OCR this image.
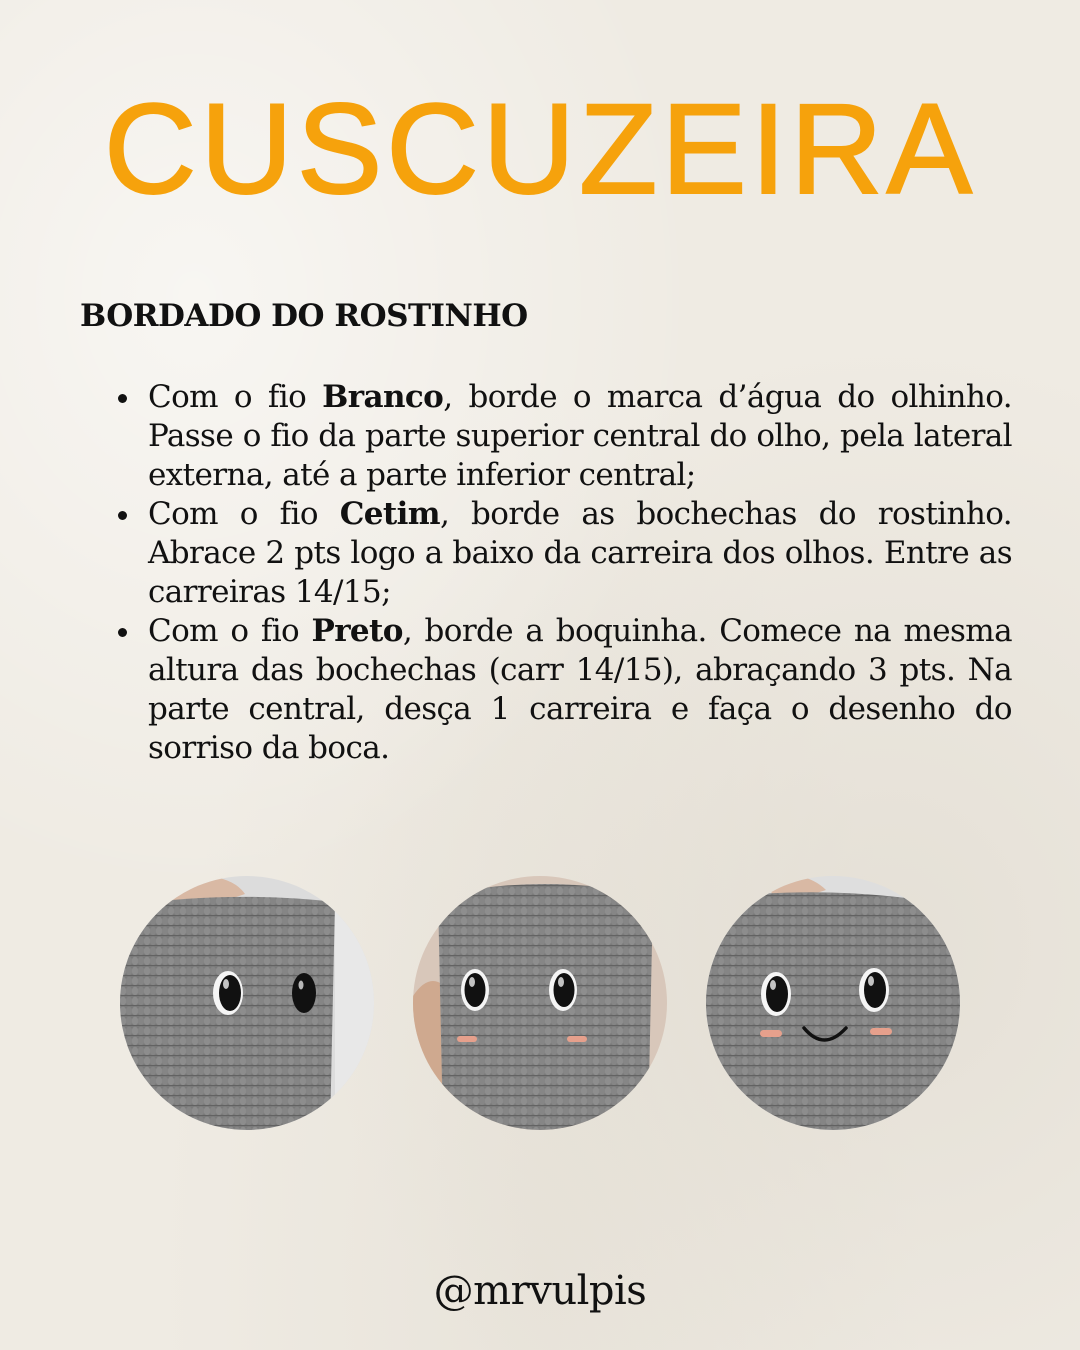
CUSCUZEIRA
BORDADO DO ROSTINHO
Com o fio Branco, borde o marca d’água do olhinho. Passe o fio da parte superior central do olho, pela lateral externa, até a parte inferior central;
Com o fio Cetim, borde as bochechas do rostinho. Abrace 2 pts logo a baixo da carreira dos olhos. Entre as carreiras 14/15;
Com o fio Preto, borde a boquinha. Comece na mesma altura das bochechas (carr 14/15), abraçando 3 pts. Na parte central, desça 1 carreira e faça o desenho do sorriso da boca.
@mrvulpis
